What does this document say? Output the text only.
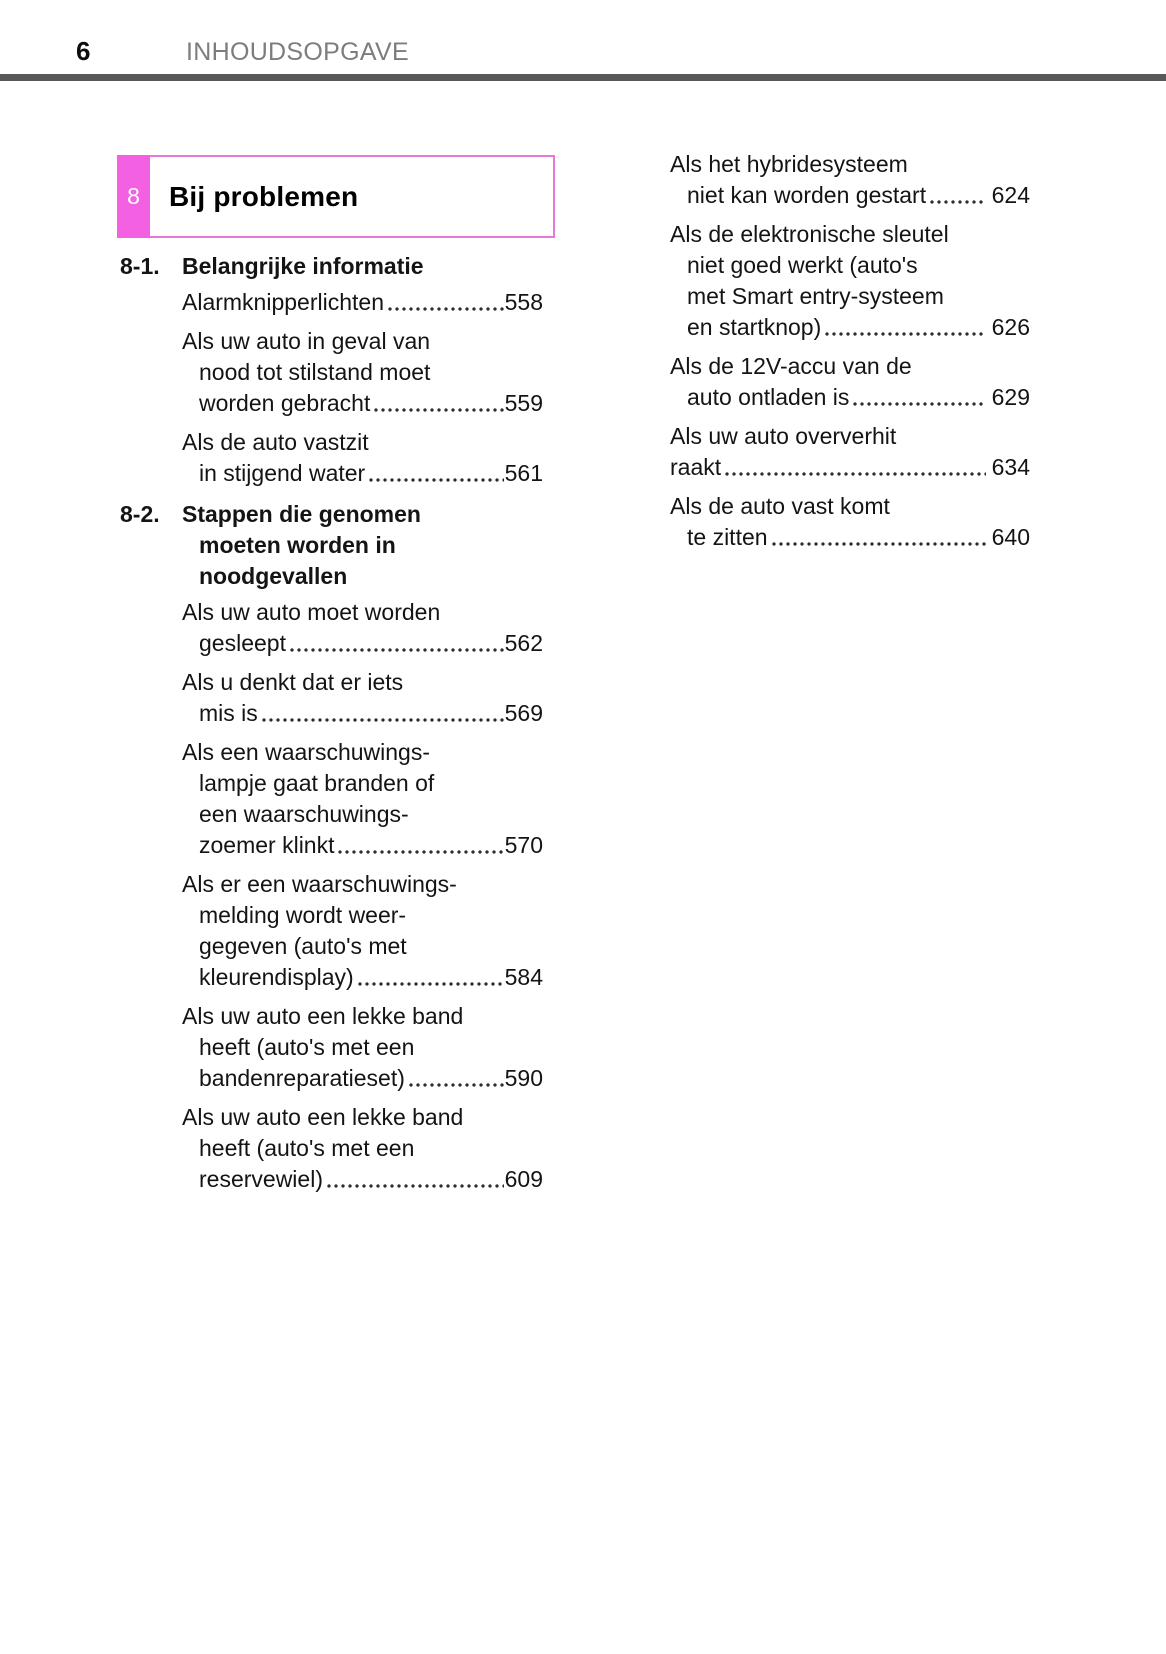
6	INHOUDSOPGAVE
8 Bij problemen
8-1. Belangrijke informatie
Alarmknipperlichten	558
Als uw auto in geval van
nood tot stilstand moet
worden gebracht	559
Als de auto vastzit
in stijgend water	561
8-2. Stappen die genomen
moeten worden in
noodgevallen
Als uw auto moet worden
gesleept	562
Als u denkt dat er iets
mis is	569
Als een waarschuwings-
lampje gaat branden of
een waarschuwings-
zoemer klinkt	570
Als er een waarschuwings-
melding wordt weer-
gegeven (auto's met
kleurendisplay)	584
Als uw auto een lekke band
heeft (auto's met een
bandenreparatieset)	590
Als uw auto een lekke band
heeft (auto's met een
reservewiel)	609
Als het hybridesysteem
niet kan worden gestart	624
Als de elektronische sleutel
niet goed werkt (auto's
met Smart entry-systeem
en startknop)	626
Als de 12V-accu van de
auto ontladen is	629
Als uw auto oververhit
raakt	634
Als de auto vast komt
te zitten	640
